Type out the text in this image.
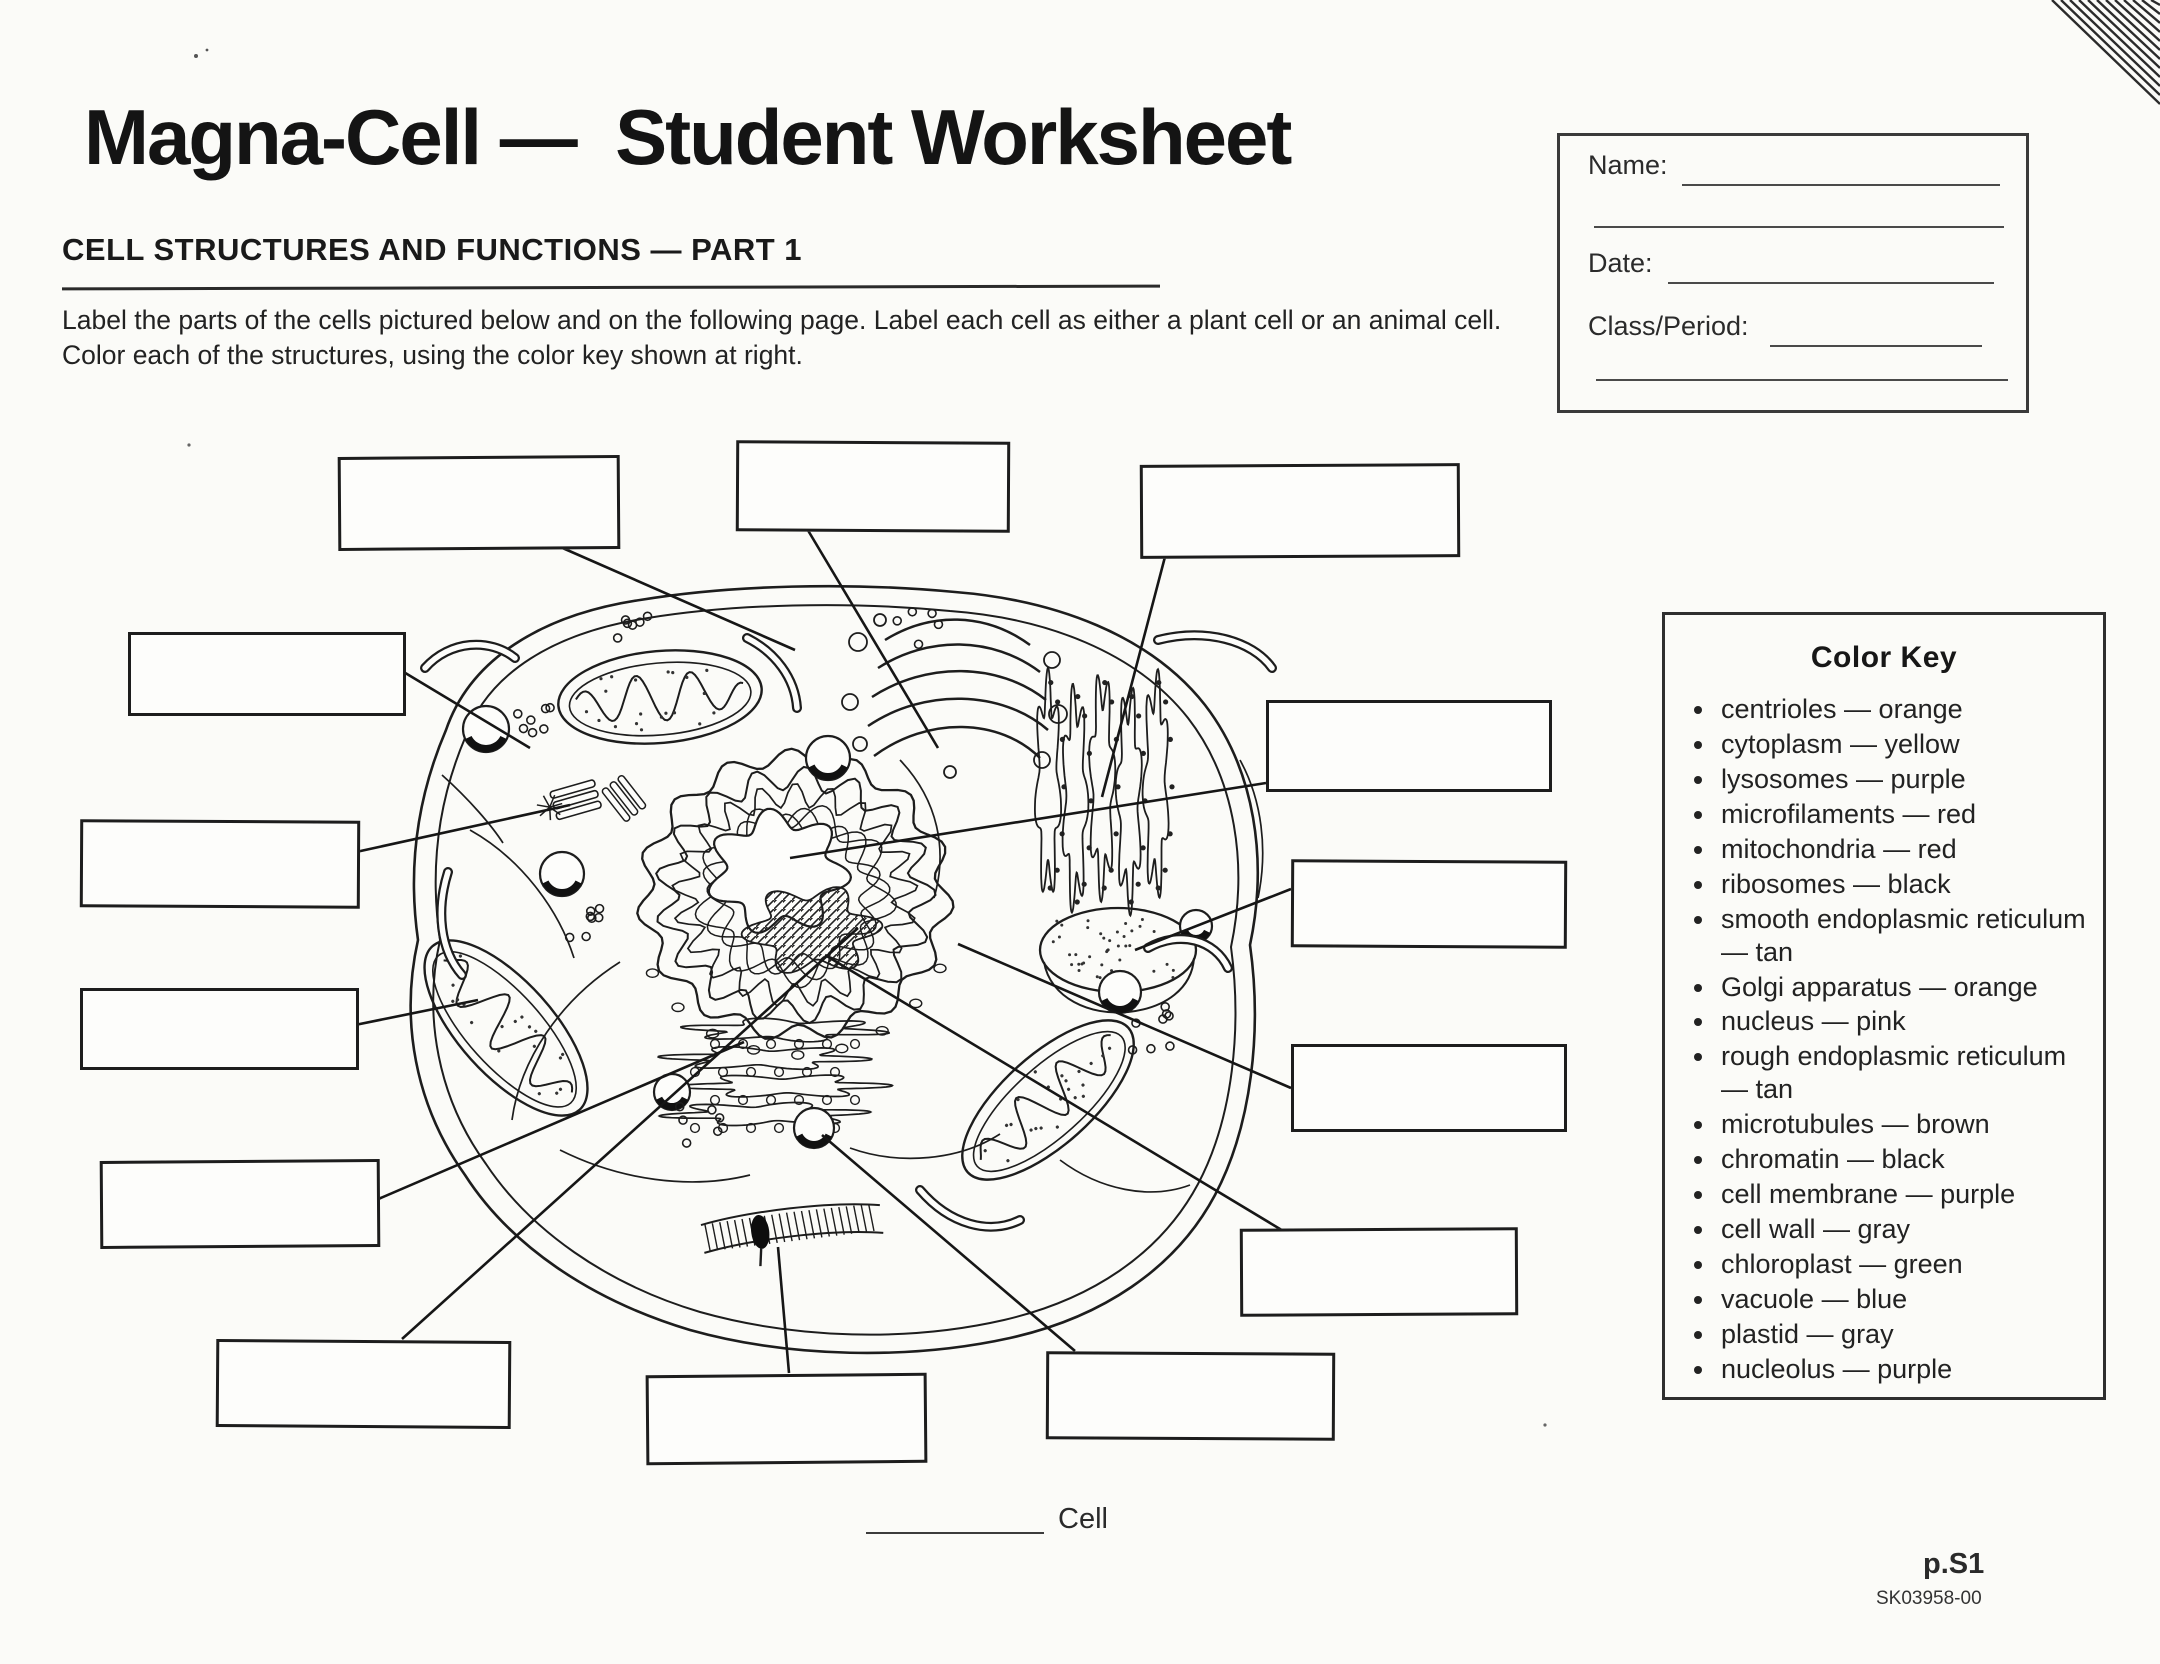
Magna-Cell —  Student Worksheet
CELL STRUCTURES AND FUNCTIONS — PART 1
Label the parts of the cells pictured below and on the following page. Label each cell as either a plant cell or an animal cell. Color each of the structures, using the color key shown at right.
Name:
Date:
Class/Period:
Color Key
• centrioles — orange
• cytoplasm — yellow
• lysosomes — purple
• microfilaments — red
• mitochondria — red
• ribosomes — black
• smooth endoplasmic reticulum — tan
• Golgi apparatus — orange
• nucleus — pink
• rough endoplasmic reticulum — tan
• microtubules — brown
• chromatin — black
• cell membrane — purple
• cell wall — gray
• chloroplast — green
• vacuole — blue
• plastid — gray
• nucleolus — purple
Cell
p.S1
SK03958-00
